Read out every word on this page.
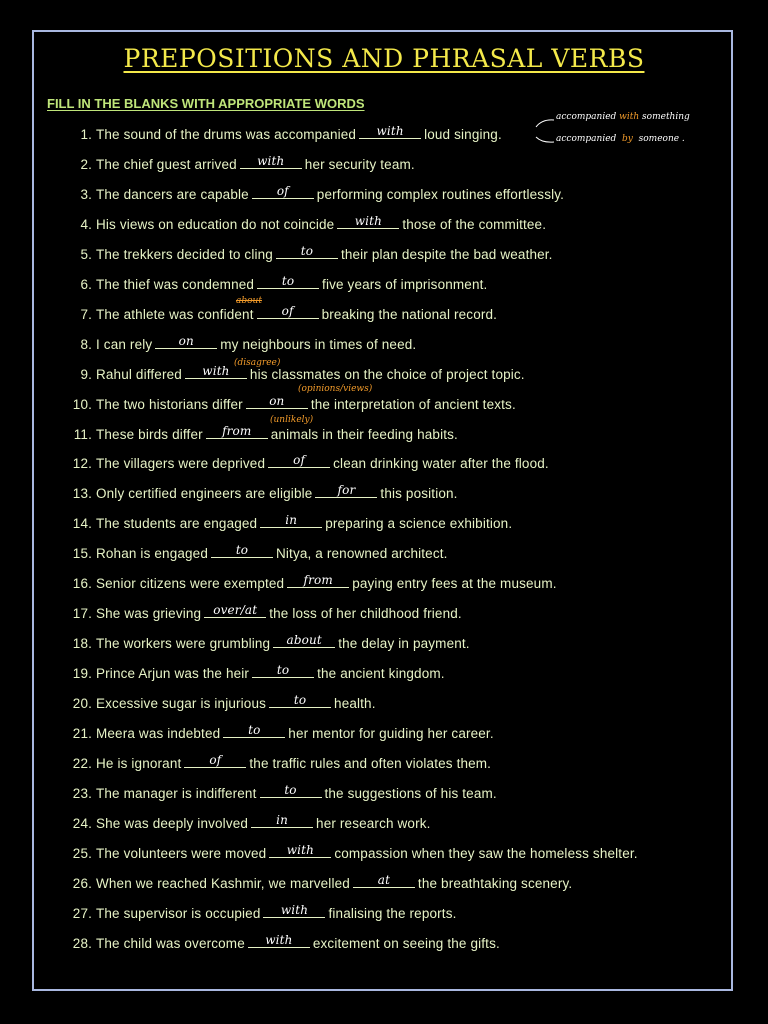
PREPOSITIONS AND PHRASAL VERBS
FILL IN THE BLANKS WITH APPROPRIATE WORDS
accompanied with something
accompanied by someone .
1. The sound of the drums was accompanied with loud singing.
2. The chief guest arrived with her security team.
3. The dancers are capable of performing complex routines effortlessly.
4. His views on education do not coincide with those of the committee.
5. The trekkers decided to cling to their plan despite the bad weather.
6. The thief was condemned to five years of imprisonment.
7. The athlete was confident of breaking the national record.
8. I can rely on my neighbours in times of need.
9. Rahul differed with his classmates on the choice of project topic.
10. The two historians differ on the interpretation of ancient texts.
11. These birds differ from animals in their feeding habits.
12. The villagers were deprived of clean drinking water after the flood.
13. Only certified engineers are eligible for this position.
14. The students are engaged in preparing a science exhibition.
15. Rohan is engaged to Nitya, a renowned architect.
16. Senior citizens were exempted from paying entry fees at the museum.
17. She was grieving over/at the loss of her childhood friend.
18. The workers were grumbling about the delay in payment.
19. Prince Arjun was the heir to the ancient kingdom.
20. Excessive sugar is injurious to health.
21. Meera was indebted to her mentor for guiding her career.
22. He is ignorant of the traffic rules and often violates them.
23. The manager is indifferent to the suggestions of his team.
24. She was deeply involved in her research work.
25. The volunteers were moved with compassion when they saw the homeless shelter.
26. When we reached Kashmir, we marvelled at the breathtaking scenery.
27. The supervisor is occupied with finalising the reports.
28. The child was overcome with excitement on seeing the gifts.
about
(disagree)
(opinions/views)
(unlikely)
